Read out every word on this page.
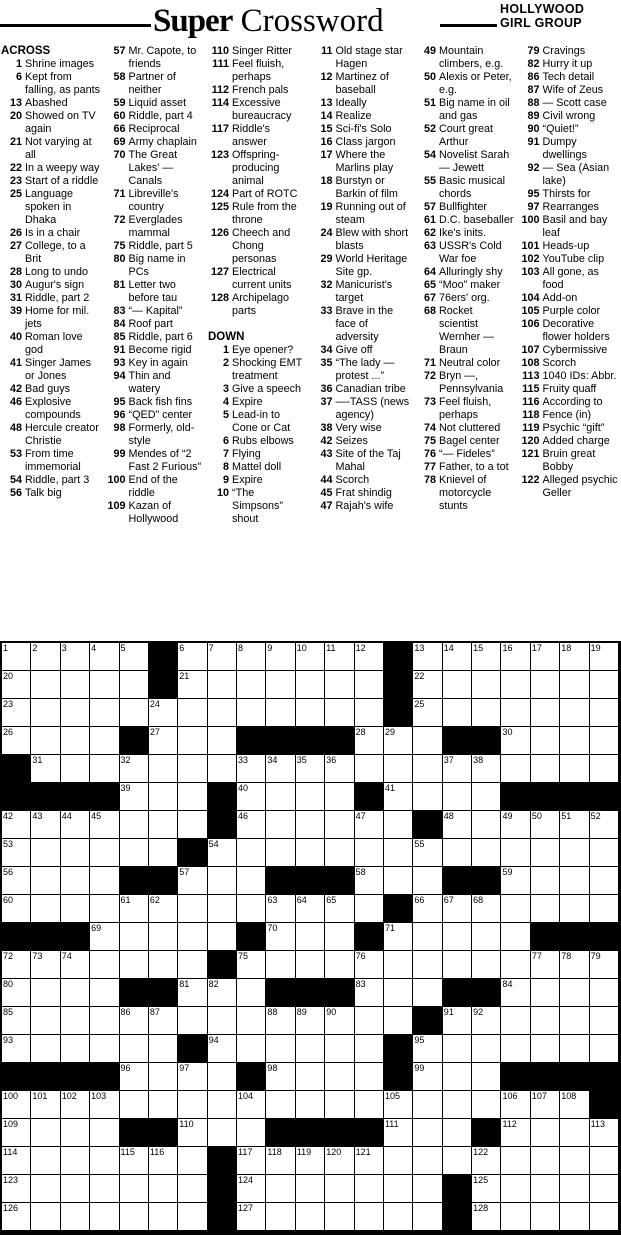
Super Crossword	HOLLYWOOD
GIRL GROUP
ACROSS
1 Shrine images
6 Kept from falling, as pants
13 Abashed
20 Showed on TV again
21 Not varying at all
22 In a weepy way
23 Start of a riddle
25 Language spoken in Dhaka
26 Is in a chair
27 College, to a Brit
28 Long to undo
30 Augur's sign
31 Riddle, part 2
39 Home for mil. jets
40 Roman love god
41 Singer James or Jones
42 Bad guys
46 Explosive compounds
48 Hercule creator Christie
53 From time immemorial
54 Riddle, part 3
56 Talk big
57 Mr. Capote, to friends
58 Partner of neither
59 Liquid asset
60 Riddle, part 4
66 Reciprocal
69 Army chaplain
70 The Great Lakes' — Canals
71 Libreville's country
72 Everglades mammal
75 Riddle, part 5
80 Big name in PCs
81 Letter two before tau
83 “— Kapital”
84 Roof part
85 Riddle, part 6
91 Become rigid
93 Key in again
94 Thin and watery
95 Back fish fins
96 “QED” center
98 Formerly, old-style
99 Mendes of “2 Fast 2 Furious”
100 End of the riddle
109 Kazan of Hollywood
110 Singer Ritter
111 Feel fluish, perhaps
112 French pals
114 Excessive bureaucracy
117 Riddle's answer
123 Offspring-producing animal
124 Part of ROTC
125 Rule from the throne
126 Cheech and Chong personas
127 Electrical current units
128 Archipelago parts
DOWN
1 Eye opener?
2 Shocking EMT treatment
3 Give a speech
4 Expire
5 Lead-in to Cone or Cat
6 Rubs elbows
7 Flying
8 Mattel doll
9 Expire
10 “The Simpsons” shout
11 Old stage star Hagen
12 Martinez of baseball
13 Ideally
14 Realize
15 Sci-fi's Solo
16 Class jargon
17 Where the Marlins play
18 Burstyn or Barkin of film
19 Running out of steam
24 Blew with short blasts
29 World Heritage Site gp.
32 Manicurist's target
33 Brave in the face of adversity
34 Give off
35 “The lady — protest ...”
36 Canadian tribe
37 —-TASS (news agency)
38 Very wise
42 Seizes
43 Site of the Taj Mahal
44 Scorch
45 Frat shindig
47 Rajah's wife
49 Mountain climbers, e.g.
50 Alexis or Peter, e.g.
51 Big name in oil and gas
52 Court great Arthur
54 Novelist Sarah — Jewett
55 Basic musical chords
57 Bullfighter
61 D.C. baseballer
62 Ike's inits.
63 USSR's Cold War foe
64 Alluringly shy
65 “Moo” maker
67 76ers' org.
68 Rocket scientist Wernher — Braun
71 Neutral color
72 Bryn —, Pennsylvania
73 Feel fluish, perhaps
74 Not cluttered
75 Bagel center
76 “— Fideles”
77 Father, to a tot
78 Knievel of motorcycle stunts
79 Cravings
82 Hurry it up
86 Tech detail
87 Wife of Zeus
88 — Scott case
89 Civil wrong
90 “Quiet!”
91 Dumpy dwellings
92 — Sea (Asian lake)
95 Thirsts for
97 Rearranges
100 Basil and bay leaf
101 Heads-up
102 YouTube clip
103 All gone, as food
104 Add-on
105 Purple color
106 Decorative flower holders
107 Cybermissive
108 Scorch
113 1040 IDs: Abbr.
115 Fruity quaff
116 According to
118 Fence (in)
119 Psychic “gift”
120 Added charge
121 Bruin great Bobby
122 Alleged psychic Geller
1	2	3	4	5	6	7	8	9	10 11 12	13 14 15 16 17 18 19
20	21	22
23	24	25
26	27	28 29	30
31	32	33 34 35 36	37 38
39	40	41
42 43 44 45	46	47	48	49 50 51 52
53	54	55
56	57	58	59
60	61 62	63 64 65	66 67 68
69	70	71
72 73 74	75	76	77 78 79
80	81 82	83	84
85	86 87	88 89 90	91 92
93	94	95
96	97	98	99
100 101 102 103	104	105	106 107 108
109	110	111	112	113
114	115 116	117 118 119 120 121	122
123	124	125
126	127	128
